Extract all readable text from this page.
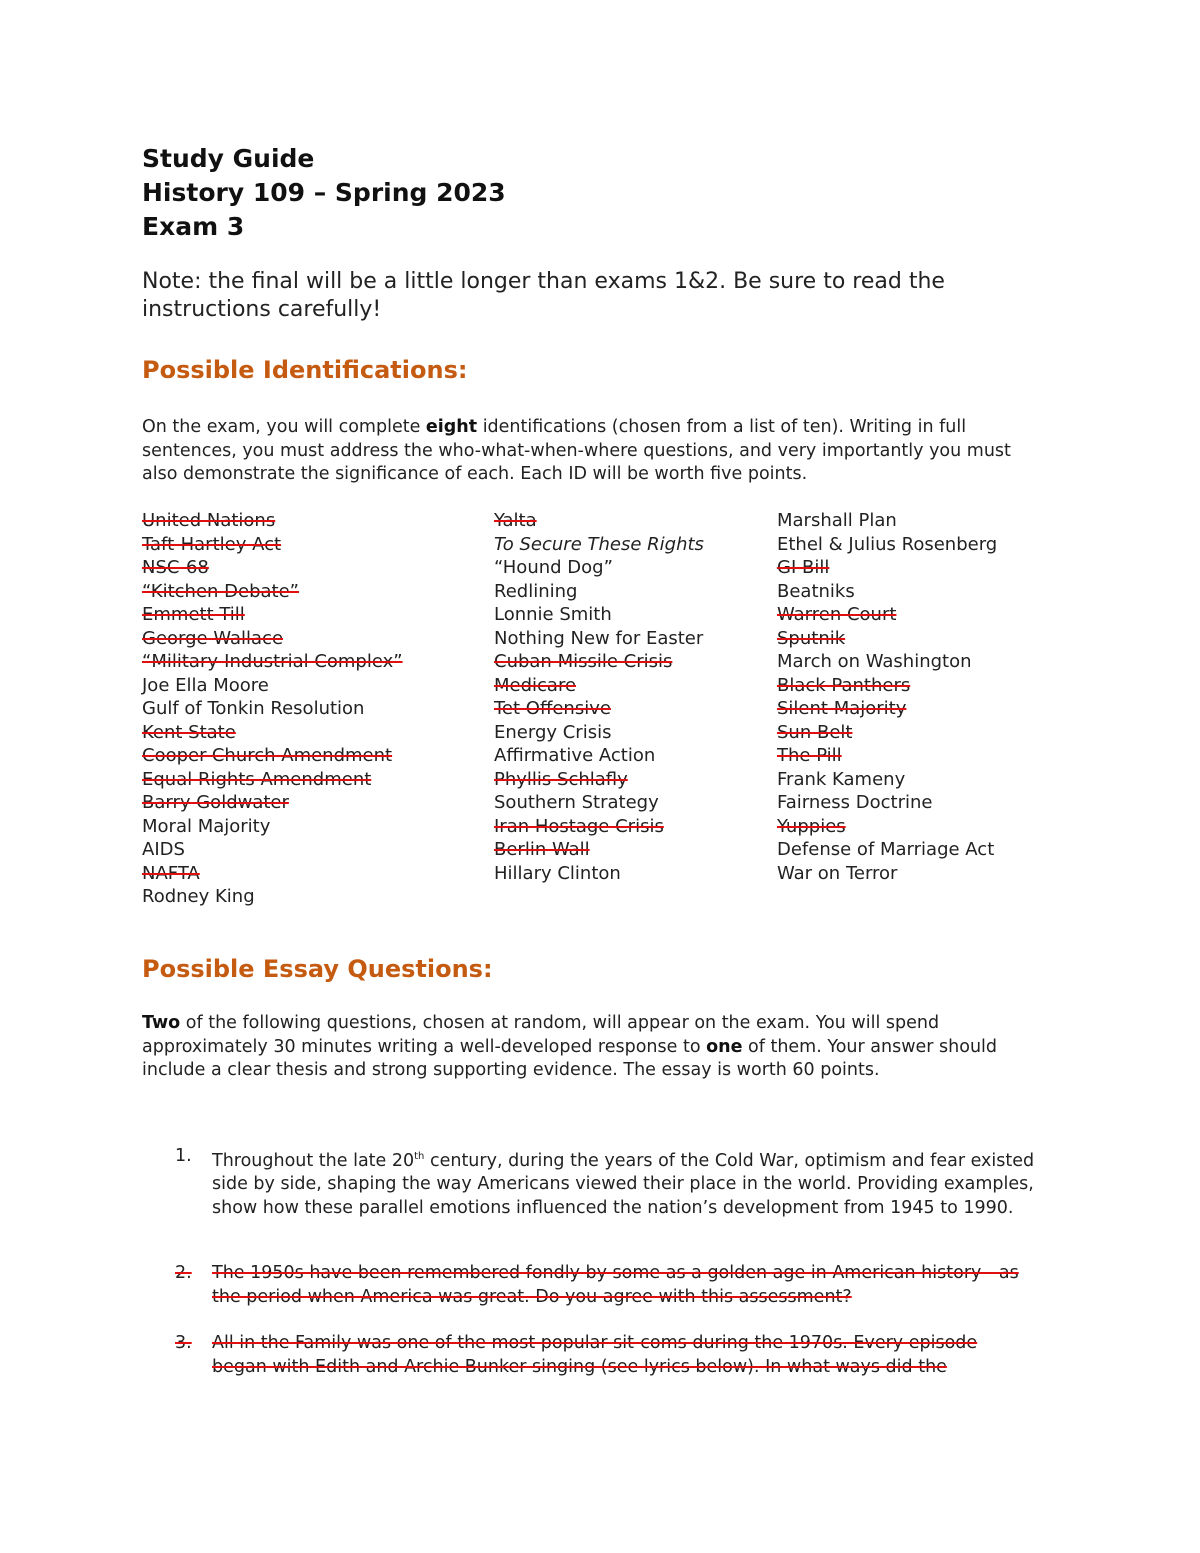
Study Guide
History 109 – Spring 2023
Exam 3
Note: the final will be a little longer than exams 1&2. Be sure to read the instructions carefully!
Possible Identifications:
On the exam, you will complete eight identifications (chosen from a list of ten). Writing in full sentences, you must address the who-what-when-where questions, and very importantly you must also demonstrate the significance of each. Each ID will be worth five points.
United Nations
Taft-Hartley Act
NSC-68
“Kitchen Debate”
Emmett Till
George Wallace
“Military-Industrial Complex”
Joe Ella Moore
Gulf of Tonkin Resolution
Kent State
Cooper-Church Amendment
Equal Rights Amendment
Barry Goldwater
Moral Majority
AIDS
NAFTA
Rodney King
Yalta
To Secure These Rights
“Hound Dog”
Redlining
Lonnie Smith
Nothing New for Easter
Cuban Missile Crisis
Medicare
Tet Offensive
Energy Crisis
Affirmative Action
Phyllis Schlafly
Southern Strategy
Iran Hostage Crisis
Berlin Wall
Hillary Clinton
Marshall Plan
Ethel & Julius Rosenberg
GI Bill
Beatniks
Warren Court
Sputnik
March on Washington
Black Panthers
Silent Majority
Sun Belt
The Pill
Frank Kameny
Fairness Doctrine
Yuppies
Defense of Marriage Act
War on Terror
Possible Essay Questions:
Two of the following questions, chosen at random, will appear on the exam. You will spend approximately 30 minutes writing a well-developed response to one of them. Your answer should include a clear thesis and strong supporting evidence. The essay is worth 60 points.
1. Throughout the late 20th century, during the years of the Cold War, optimism and fear existed side by side, shaping the way Americans viewed their place in the world. Providing examples, show how these parallel emotions influenced the nation’s development from 1945 to 1990.
2. The 1950s have been remembered fondly by some as a golden age in American history—as the period when America was great. Do you agree with this assessment?
3. All in the Family was one of the most popular sit-coms during the 1970s. Every episode began with Edith and Archie Bunker singing (see lyrics below). In what ways did the
